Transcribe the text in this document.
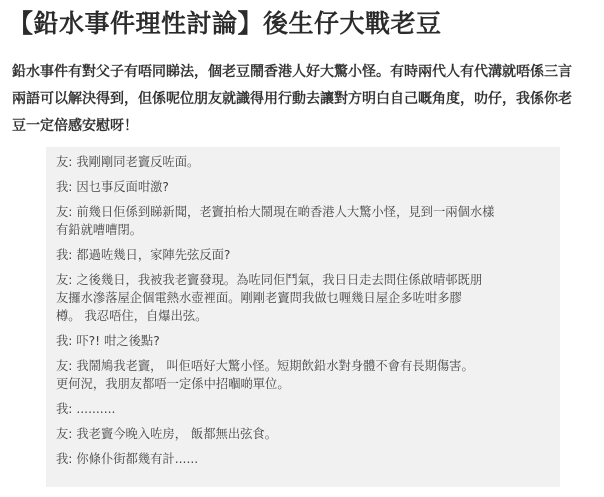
【鉛水事件理性討論】後生仔大戰老豆
鉛水事件有對父子有唔同睇法，個老豆鬧香港人好大驚小怪。有時兩代人有代溝就唔係三言
兩語可以解決得到，但係呢位朋友就識得用行動去讓對方明白自己嘅角度，叻仔，我係你老
豆一定倍感安慰呀！
友: 我剛剛同老竇反咗面。
我: 因乜事反面咁激?
友: 前幾日佢係到睇新聞，老竇拍枱大鬧現在啲香港人大驚小怪，見到一兩個水樣
有鉛就嘈嘈閉。
我: 都過咗幾日，家陣先弦反面?
友: 之後幾日，我被我老竇發現。為咗同佢鬥氣，我日日走去問住係啟晴邨既朋
友攞水滲落屋企個電熱水壺裡面。剛剛老竇問我做乜喱幾日屋企多咗咁多膠
樽。 我忍唔住，自爆出弦。
我: 吓?! 咁之後點?
友: 我鬧鳩我老竇， 叫佢唔好大驚小怪。短期飲鉛水對身體不會有長期傷害。
更何況，我朋友都唔一定係中招嗰啲單位。
我: ..........
友: 我老竇今晚入咗房， 飯都無出弦食。
我: 你條仆街都幾有計......
